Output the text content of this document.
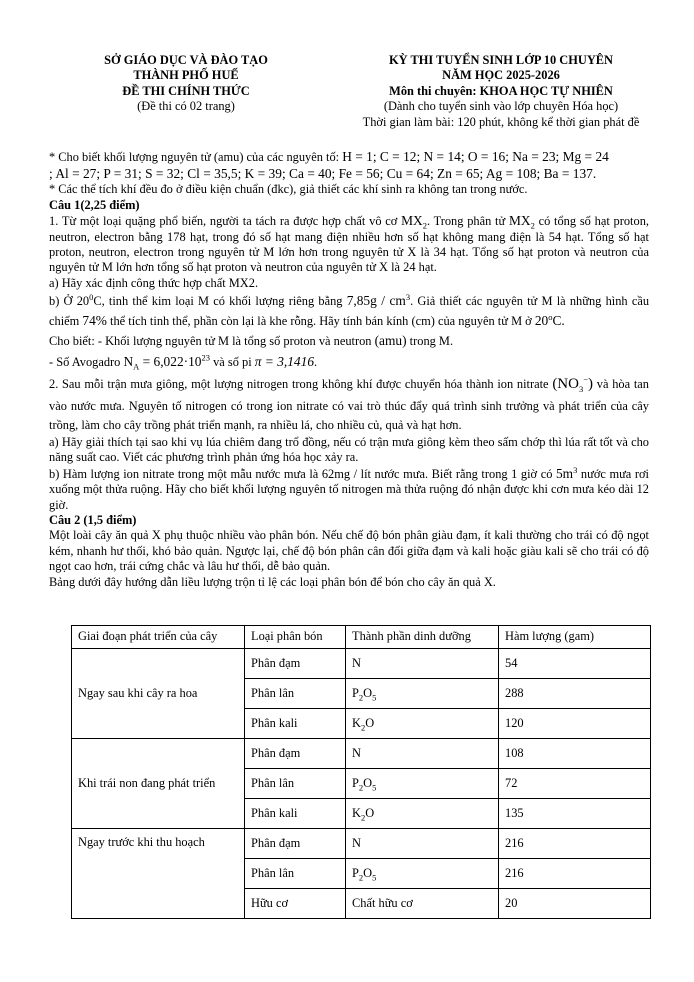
SỞ GIÁO DỤC VÀ ĐÀO TẠO
THÀNH PHỐ HUẾ
ĐỀ THI CHÍNH THỨC
(Đề thi có 02 trang)
KỲ THI TUYỂN SINH LỚP 10 CHUYÊN
NĂM HỌC 2025-2026
Môn thi chuyên: KHOA HỌC TỰ NHIÊN
(Dành cho tuyển sinh vào lớp chuyên Hóa học)
Thời gian làm bài: 120 phút, không kể thời gian phát đề

* Cho biết khối lượng nguyên tử (amu) của các nguyên tố: H = 1; C = 12; N = 14; O = 16; Na = 23; Mg = 24

; Al = 27; P = 31; S = 32; Cl = 35,5; K = 39; Ca = 40; Fe = 56; Cu = 64; Zn = 65; Ag = 108; Ba = 137.

* Các thể tích khí đều đo ở điều kiện chuẩn (đkc), giả thiết các khí sinh ra không tan trong nước.

Câu 1(2,25 điểm)

1. Từ một loại quặng phổ biến, người ta tách ra được hợp chất vô cơ $MX_2$. Trong phân tử $MX_2$ có tổng số hạt proton, neutron, electron bằng 178 hạt, trong đó số hạt mang điện nhiều hơn số hạt không mang điện là 54 hạt. Tổng số hạt proton, neutron, electron trong nguyên tử M lớn hơn trong nguyên tử X là 34 hạt. Tổng số hạt proton và neutron của nguyên tử M lớn hơn tổng số hạt proton và neutron của nguyên tử X là 24 hạt.

a) Hãy xác định công thức hợp chất MX2.

b) Ở $20^0C$, tinh thể kim loại M có khối lượng riêng bằng $7,85g / cm^3$. Giả thiết các nguyên tử M là những hình cầu chiếm 74% thể tích tinh thể, phần còn lại là khe rỗng. Hãy tính bán kính (cm) của nguyên tử M ở 20$^o$C.

Cho biết: - Khối lượng nguyên tử M là tổng số proton và neutron (amu) trong M.

- Số Avogadro $N_A = 6,022\cdot 10^{23}$ và số pi π = 3,1416.

2. Sau mỗi trận mưa giông, một lượng nitrogen trong không khí được chuyển hóa thành ion nitrate $(NO_3^-)$ và hòa tan vào nước mưa. Nguyên tố nitrogen có trong ion nitrate có vai trò thúc đẩy quá trình sinh trưởng và phát triển của cây trồng, làm cho cây trồng phát triển mạnh, ra nhiều lá, cho nhiều củ, quả và hạt hơn.

a) Hãy giải thích tại sao khi vụ lúa chiêm đang trổ đồng, nếu có trận mưa giông kèm theo sấm chớp thì lúa rất tốt và cho năng suất cao. Viết các phương trình phản ứng hóa học xảy ra.

b) Hàm lượng ion nitrate trong một mẫu nước mưa là 62mg / lít nước mưa. Biết rằng trong 1 giờ có $5m^3$ nước mưa rơi xuống một thửa ruộng. Hãy cho biết khối lượng nguyên tố nitrogen mà thửa ruộng đó nhận được khi cơn mưa kéo dài 12 giờ.

Câu 2 (1,5 điểm)

Một loài cây ăn quả X phụ thuộc nhiều vào phân bón. Nếu chế độ bón phân giàu đạm, ít kali thường cho trái có độ ngọt kém, nhanh hư thối, khó bảo quản. Ngược lại, chế độ bón phân cân đối giữa đạm và kali hoặc giàu kali sẽ cho trái có độ ngọt cao hơn, trái cứng chắc và lâu hư thối, dễ bảo quản.

Bảng dưới đây hướng dẫn liều lượng trộn tỉ lệ các loại phân bón để bón cho cây ăn quả X.

Giai đoạn phát triển của cây	Loại phân bón	Thành phần dinh dưỡng	Hàm lượng (gam)
Ngay sau khi cây ra hoa	Phân đạm	N	54
	Phân lân	$P_2O_5$	288
	Phân kali	$K_2O$	120
Khi trái non đang phát triển	Phân đạm	N	108
	Phân lân	$P_2O_5$	72
	Phân kali	$K_2O$	135
Ngay trước khi thu hoạch	Phân đạm	N	216
	Phân lân	$P_2O_5$	216
	Hữu cơ	Chất hữu cơ	20
